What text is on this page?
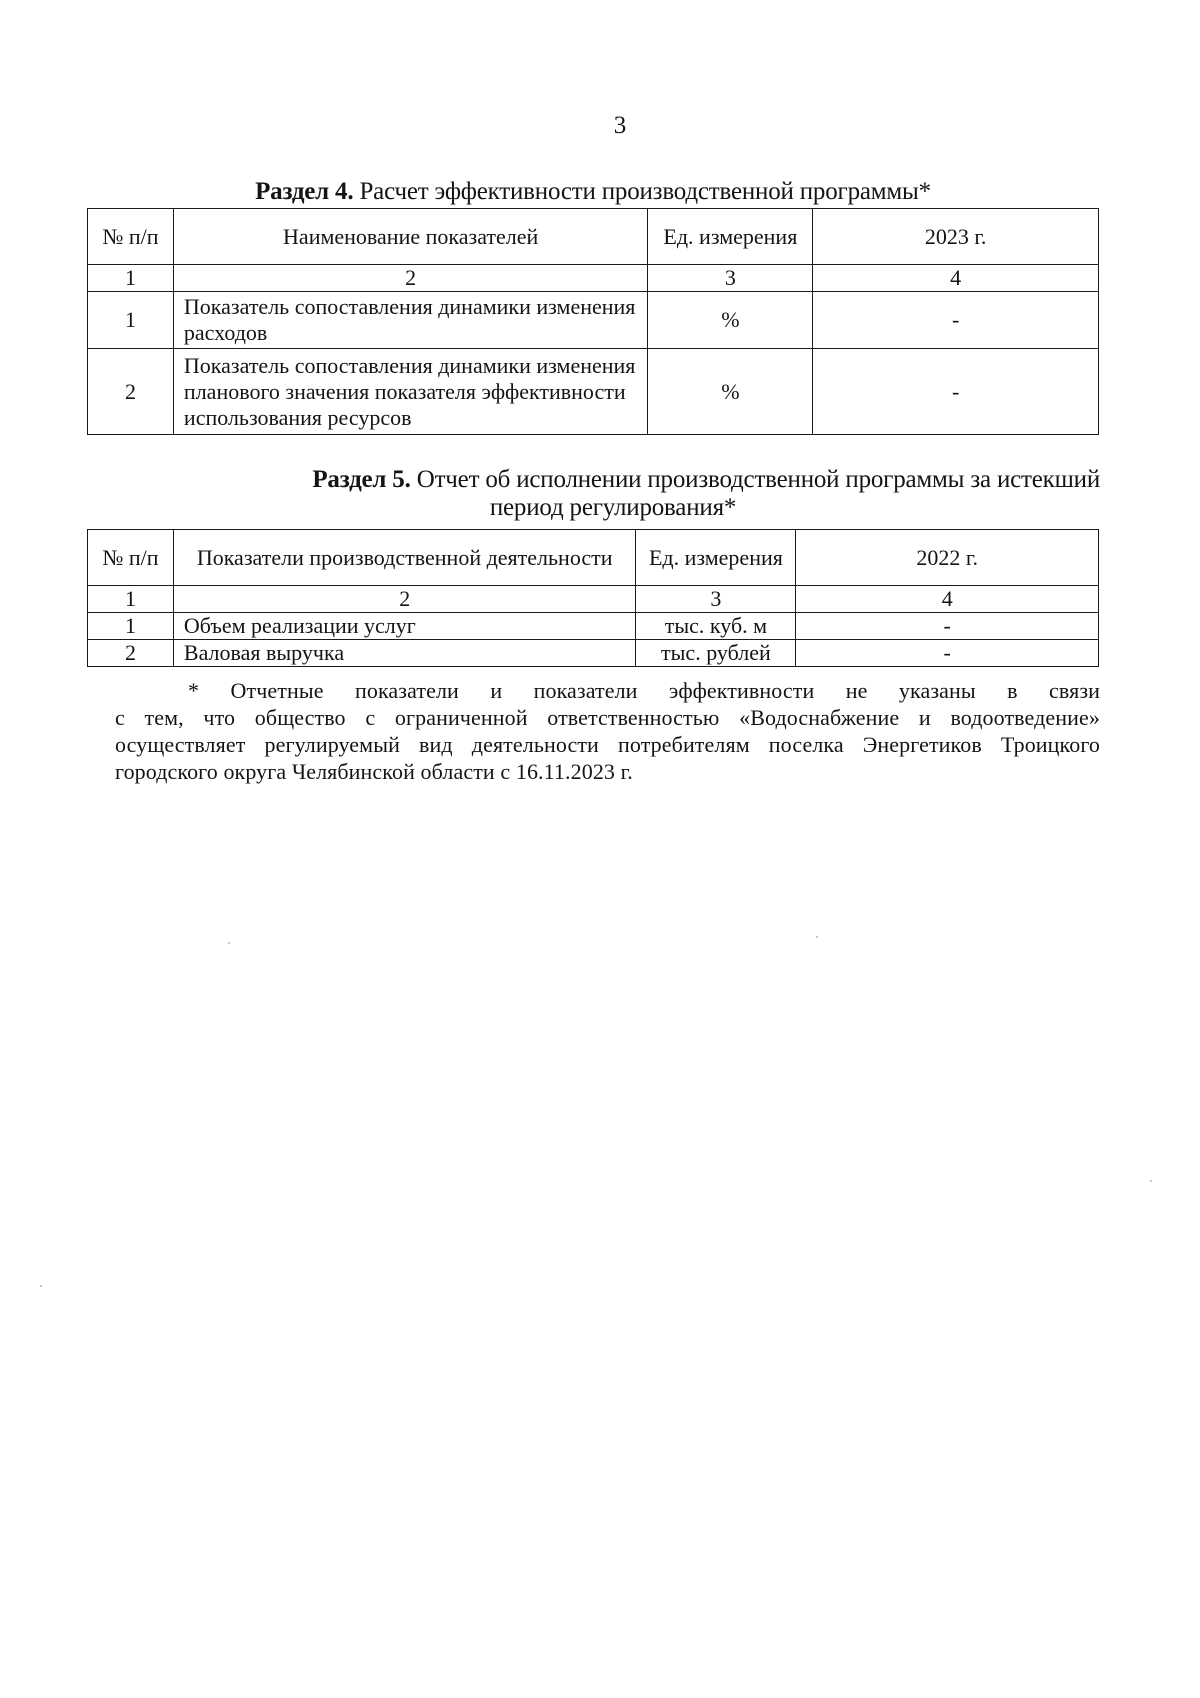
3
Раздел 4. Расчет эффективности производственной программы*
№ п/п	Наименование показателей	Ед. измерения	2023 г.
1	2	3	4
1	Показатель сопоставления динамики изменения расходов	%	-
2	Показатель сопоставления динамики изменения планового значения показателя эффективности использования ресурсов	%	-
Раздел 5. Отчет об исполнении производственной программы за истекший
период регулирования*
№ п/п	Показатели производственной деятельности	Ед. измерения	2022 г.
1	2	3	4
1	Объем реализации услуг	тыс. куб. м	-
2	Валовая выручка	тыс. рублей	-
* Отчетные показатели и показатели эффективности не указаны в связи
с тем, что общество с ограниченной ответственностью «Водоснабжение и водоотведение» осуществляет регулируемый вид деятельности потребителям поселка Энергетиков Троицкого городского округа Челябинской области с 16.11.2023 г.
